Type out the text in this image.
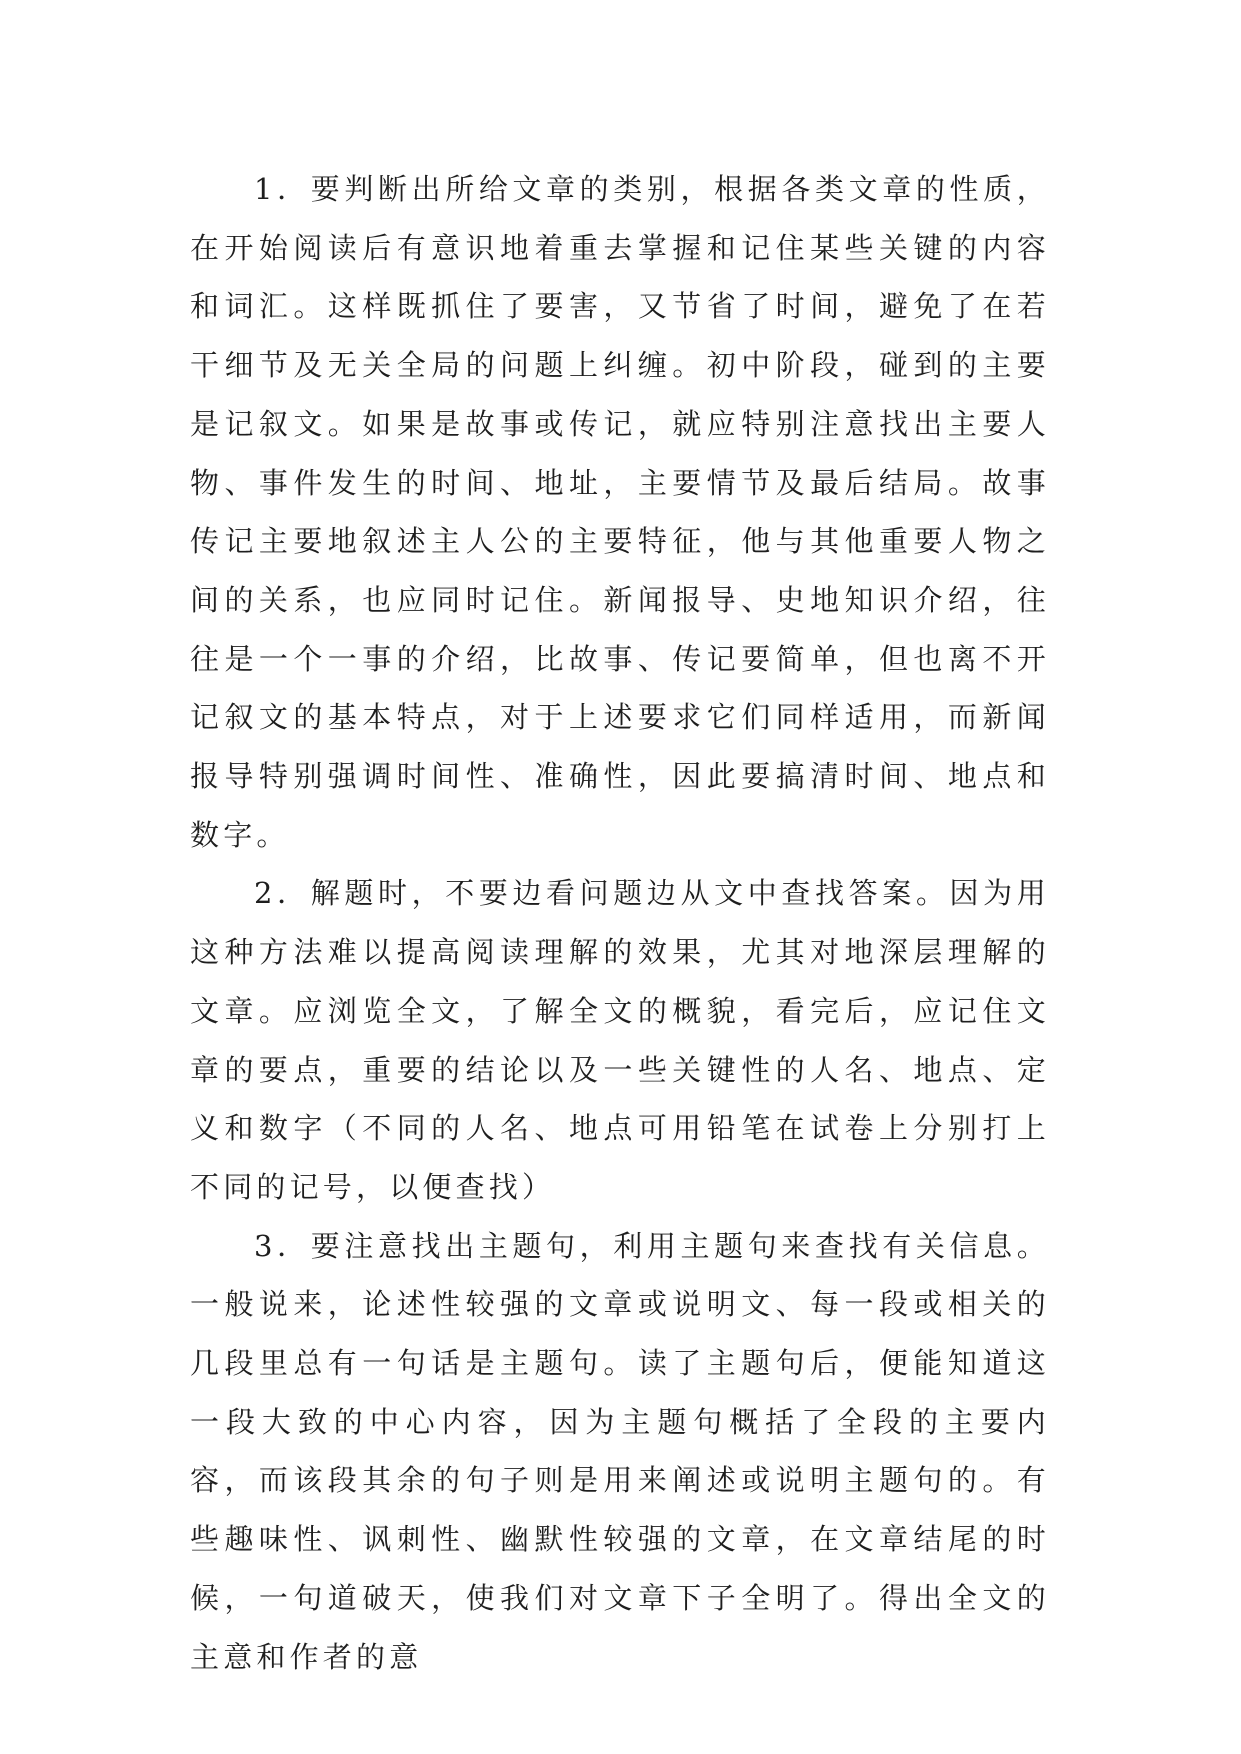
1．要判断出所给文章的类别，根据各类文章的性质，在开始阅读后有意识地着重去掌握和记住某些关键的内容和词汇。这样既抓住了要害，又节省了时间，避免了在若干细节及无关全局的问题上纠缠。初中阶段，碰到的主要是记叙文。如果是故事或传记，就应特别注意找出主要人物、事件发生的时间、地址，主要情节及最后结局。故事传记主要地叙述主人公的主要特征，他与其他重要人物之间的关系，也应同时记住。新闻报导、史地知识介绍，往往是一个一事的介绍，比故事、传记要简单，但也离不开记叙文的基本特点，对于上述要求它们同样适用，而新闻报导特别强调时间性、准确性，因此要搞清时间、地点和数字。

2．解题时，不要边看问题边从文中查找答案。因为用这种方法难以提高阅读理解的效果，尤其对地深层理解的文章。应浏览全文，了解全文的概貌，看完后，应记住文章的要点，重要的结论以及一些关键性的人名、地点、定义和数字（不同的人名、地点可用铅笔在试卷上分别打上不同的记号，以便查找）

3．要注意找出主题句，利用主题句来查找有关信息。一般说来，论述性较强的文章或说明文、每一段或相关的几段里总有一句话是主题句。读了主题句后，便能知道这一段大致的中心内容，因为主题句概括了全段的主要内容，而该段其余的句子则是用来阐述或说明主题句的。有些趣味性、讽刺性、幽默性较强的文章，在文章结尾的时候，一句道破天，使我们对文章下子全明了。得出全文的主意和作者的意
